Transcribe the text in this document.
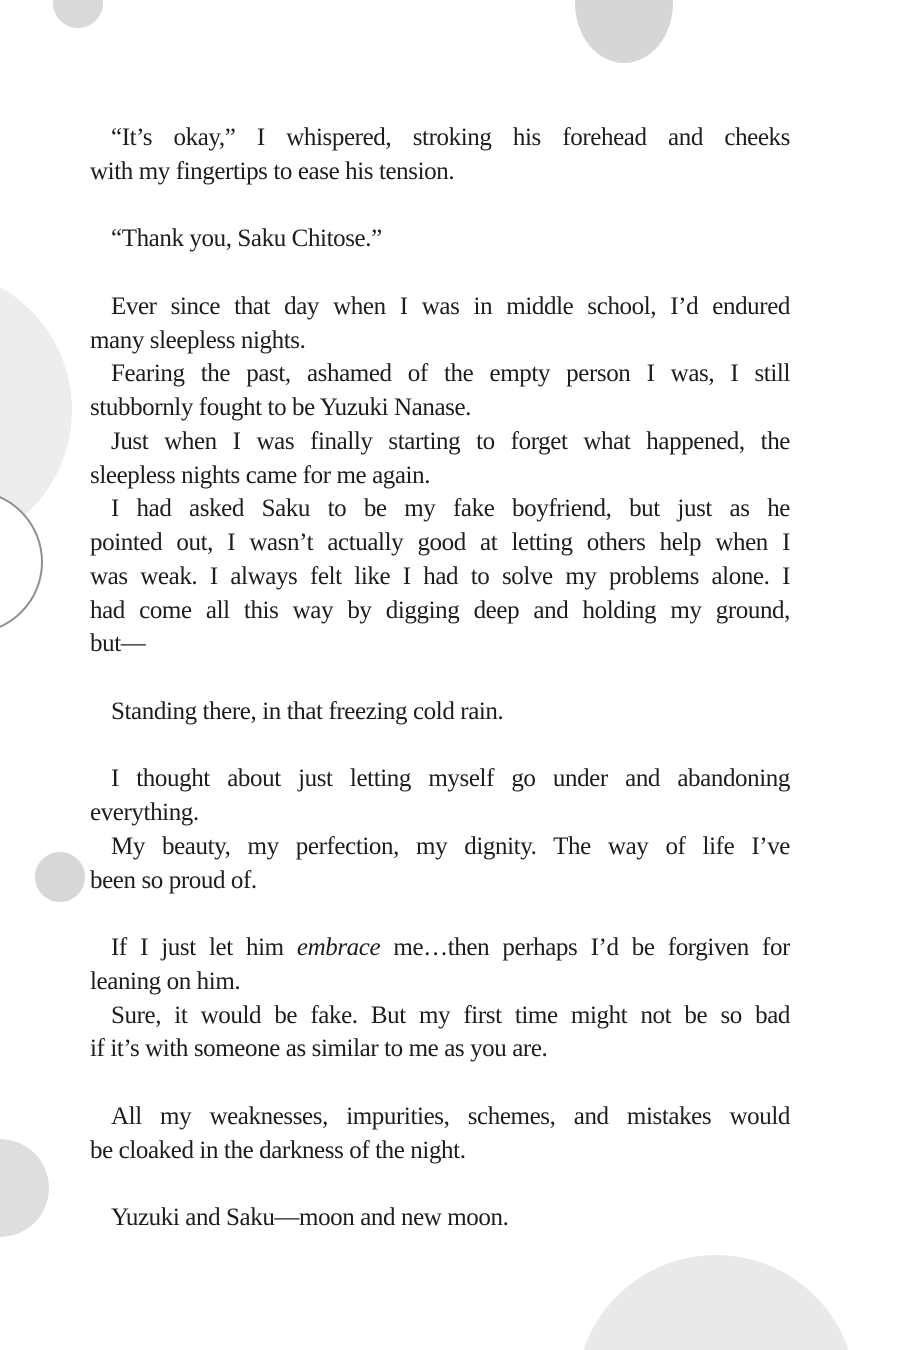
“It’s okay,” I whispered, stroking his forehead and cheeks
with my fingertips to ease his tension.
“Thank you, Saku Chitose.”
Ever since that day when I was in middle school, I’d endured
many sleepless nights.
Fearing the past, ashamed of the empty person I was, I still
stubbornly fought to be Yuzuki Nanase.
Just when I was finally starting to forget what happened, the
sleepless nights came for me again.
I had asked Saku to be my fake boyfriend, but just as he
pointed out, I wasn’t actually good at letting others help when I
was weak. I always felt like I had to solve my problems alone. I
had come all this way by digging deep and holding my ground,
but—
Standing there, in that freezing cold rain.
I thought about just letting myself go under and abandoning
everything.
My beauty, my perfection, my dignity. The way of life I’ve
been so proud of.
If I just let him embrace me…then perhaps I’d be forgiven for
leaning on him.
Sure, it would be fake. But my first time might not be so bad
if it’s with someone as similar to me as you are.
All my weaknesses, impurities, schemes, and mistakes would
be cloaked in the darkness of the night.
Yuzuki and Saku—moon and new moon.
